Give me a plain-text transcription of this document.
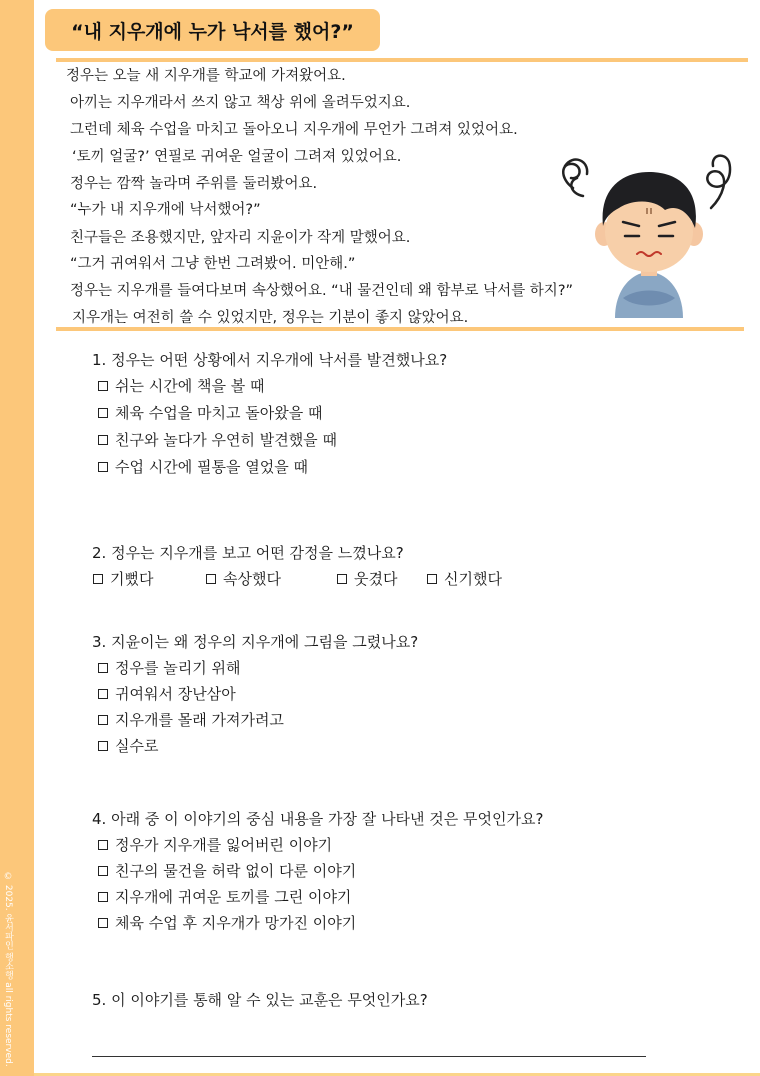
© 2025. 윤서파인 행소행 all rights reserved.
“내 지우개에 누가 낙서를 했어?”
정우는 오늘 새 지우개를 학교에 가져왔어요.
아끼는 지우개라서 쓰지 않고 책상 위에 올려두었지요.
그런데 체육 수업을 마치고 돌아오니 지우개에 무언가 그려져 있었어요.
‘토끼 얼굴?’ 연필로 귀여운 얼굴이 그려져 있었어요.
정우는 깜짝 놀라며 주위를 둘러봤어요.
“누가 내 지우개에 낙서했어?”
친구들은 조용했지만, 앞자리 지윤이가 작게 말했어요.
“그거 귀여워서 그냥 한번 그려봤어. 미안해.”
정우는 지우개를 들여다보며 속상했어요. “내 물건인데 왜 함부로 낙서를 하지?”
지우개는 여전히 쓸 수 있었지만, 정우는 기분이 좋지 않았어요.
1. 정우는 어떤 상황에서 지우개에 낙서를 발견했나요?
쉬는 시간에 책을 볼 때
체육 수업을 마치고 돌아왔을 때
친구와 놀다가 우연히 발견했을 때
수업 시간에 필통을 열었을 때
2. 정우는 지우개를 보고 어떤 감정을 느꼈나요?
기뻤다	속상했다	웃겼다	신기했다
3. 지윤이는 왜 정우의 지우개에 그림을 그렸나요?
정우를 놀리기 위해
귀여워서 장난삼아
지우개를 몰래 가져가려고
실수로
4. 아래 중 이 이야기의 중심 내용을 가장 잘 나타낸 것은 무엇인가요?
정우가 지우개를 잃어버린 이야기
친구의 물건을 허락 없이 다룬 이야기
지우개에 귀여운 토끼를 그린 이야기
체육 수업 후 지우개가 망가진 이야기
5. 이 이야기를 통해 알 수 있는 교훈은 무엇인가요?
